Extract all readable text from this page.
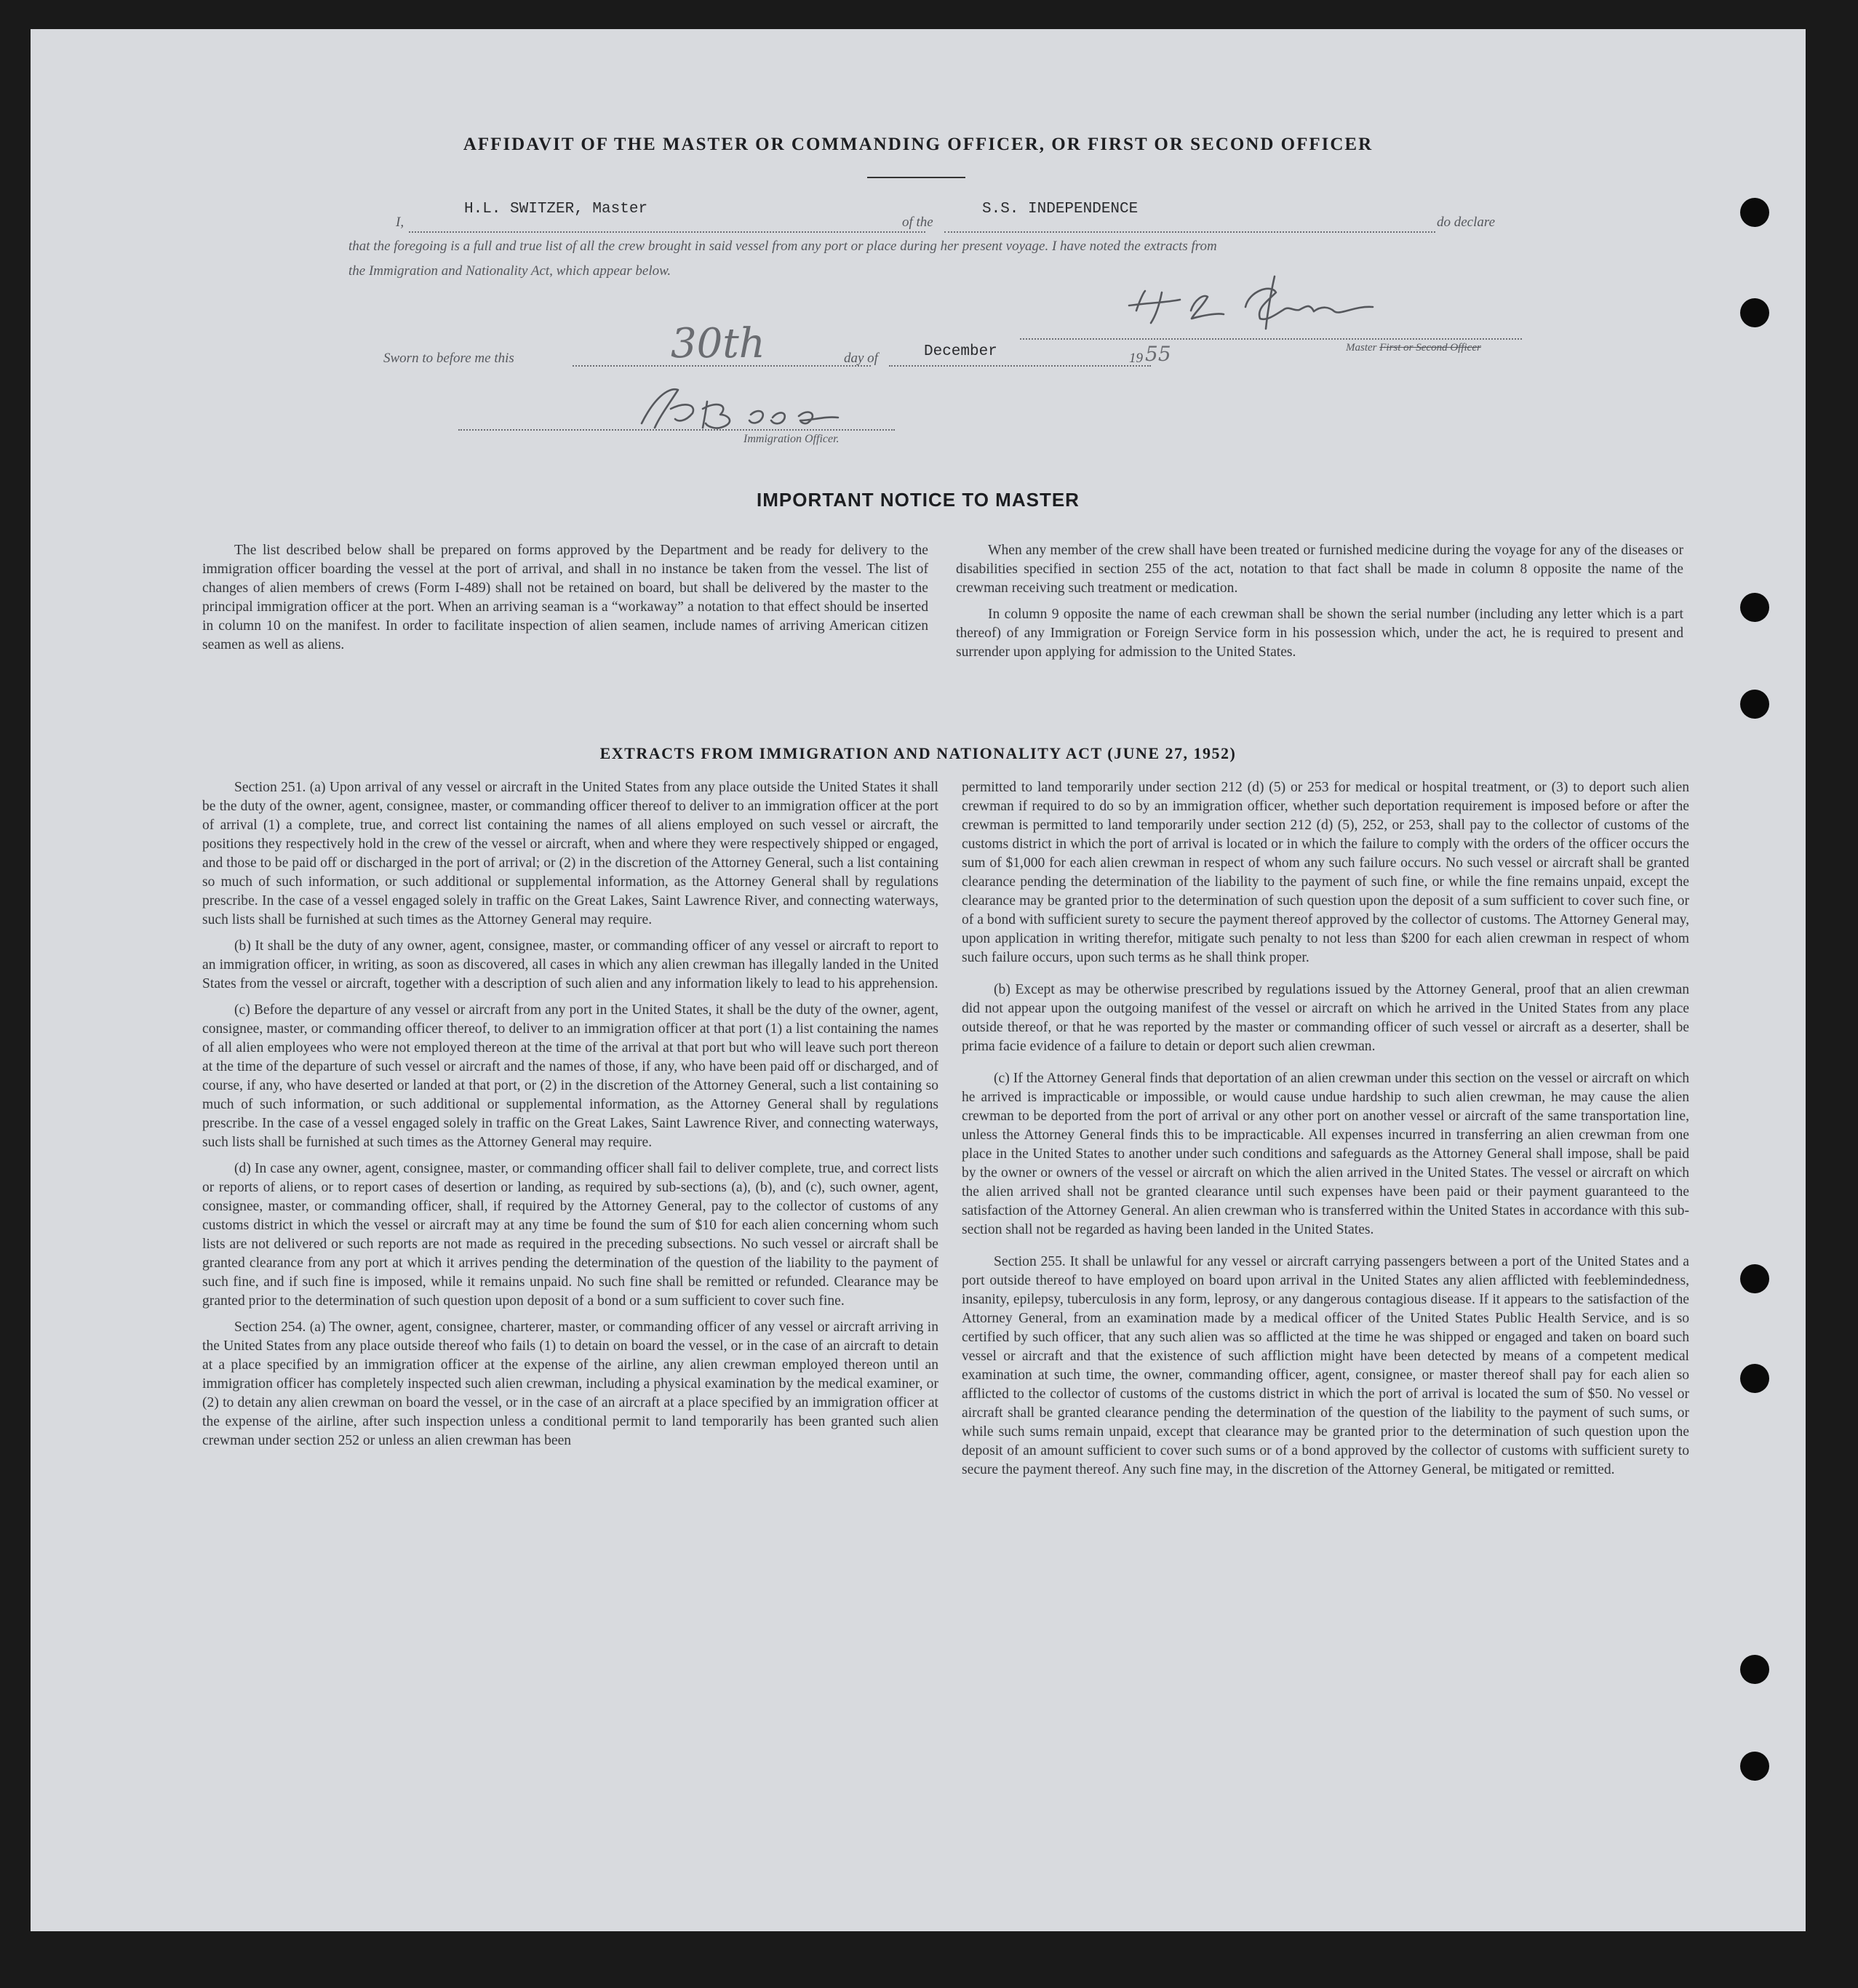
AFFIDAVIT OF THE MASTER OR COMMANDING OFFICER, OR FIRST OR SECOND OFFICER
I,
H.L. SWITZER, Master
of the
S.S. INDEPENDENCE
do declare
that the foregoing is a full and true list of all the crew brought in said vessel from any port or place during her present voyage. I have noted the extracts from
the Immigration and Nationality Act, which appear below.
Master First or Second Officer
Sworn to before me this	30th	day of	December	19 55
Immigration Officer.
IMPORTANT NOTICE TO MASTER

The list described below shall be prepared on forms approved by the Department and be ready for delivery to the immigration officer boarding the vessel at the port of arrival, and shall in no instance be taken from the vessel. The list of changes of alien members of crews (Form I-489) shall not be retained on board, but shall be delivered by the master to the principal immigration officer at the port. When an arriving seaman is a “workaway” a notation to that effect should be inserted in column 10 on the manifest. In order to facilitate inspection of alien seamen, include names of arriving American citizen seamen as well as aliens.

When any member of the crew shall have been treated or furnished medicine during the voyage for any of the diseases or disabilities specified in section 255 of the act, notation to that fact shall be made in column 8 opposite the name of the crewman receiving such treatment or medication.

In column 9 opposite the name of each crewman shall be shown the serial number (including any letter which is a part thereof) of any Immigration or Foreign Service form in his possession which, under the act, he is required to present and surrender upon applying for admission to the United States.

EXTRACTS FROM IMMIGRATION AND NATIONALITY ACT (JUNE 27, 1952)

Section 251. (a) Upon arrival of any vessel or aircraft in the United States from any place outside the United States it shall be the duty of the owner, agent, consignee, master, or commanding officer thereof to deliver to an immigration officer at the port of arrival (1) a complete, true, and correct list containing the names of all aliens employed on such vessel or aircraft, the positions they respectively hold in the crew of the vessel or aircraft, when and where they were respectively shipped or engaged, and those to be paid off or discharged in the port of arrival; or (2) in the discretion of the Attorney General, such a list containing so much of such information, or such additional or supplemental information, as the Attorney General shall by regulations prescribe. In the case of a vessel engaged solely in traffic on the Great Lakes, Saint Lawrence River, and connecting waterways, such lists shall be furnished at such times as the Attorney General may require.

(b) It shall be the duty of any owner, agent, consignee, master, or commanding officer of any vessel or aircraft to report to an immigration officer, in writing, as soon as discovered, all cases in which any alien crewman has illegally landed in the United States from the vessel or aircraft, together with a description of such alien and any information likely to lead to his apprehension.

(c) Before the departure of any vessel or aircraft from any port in the United States, it shall be the duty of the owner, agent, consignee, master, or commanding officer thereof, to deliver to an immigration officer at that port (1) a list containing the names of all alien employees who were not employed thereon at the time of the arrival at that port but who will leave such port thereon at the time of the departure of such vessel or aircraft and the names of those, if any, who have been paid off or discharged, and of course, if any, who have deserted or landed at that port, or (2) in the discretion of the Attorney General, such a list containing so much of such information, or such additional or supplemental information, as the Attorney General shall by regulations prescribe. In the case of a vessel engaged solely in traffic on the Great Lakes, Saint Lawrence River, and connecting waterways, such lists shall be furnished at such times as the Attorney General may require.

(d) In case any owner, agent, consignee, master, or commanding officer shall fail to deliver complete, true, and correct lists or reports of aliens, or to report cases of desertion or landing, as required by sub-sections (a), (b), and (c), such owner, agent, consignee, master, or commanding officer, shall, if required by the Attorney General, pay to the collector of customs of any customs district in which the vessel or aircraft may at any time be found the sum of $10 for each alien concerning whom such lists are not delivered or such reports are not made as required in the preceding subsections. No such vessel or aircraft shall be granted clearance from any port at which it arrives pending the determination of the question of the liability to the payment of such fine, and if such fine is imposed, while it remains unpaid. No such fine shall be remitted or refunded. Clearance may be granted prior to the determination of such question upon deposit of a bond or a sum sufficient to cover such fine.

Section 254. (a) The owner, agent, consignee, charterer, master, or commanding officer of any vessel or aircraft arriving in the United States from any place outside thereof who fails (1) to detain on board the vessel, or in the case of an aircraft to detain at a place specified by an immigration officer at the expense of the airline, any alien crewman employed thereon until an immigration officer has completely inspected such alien crewman, including a physical examination by the medical examiner, or (2) to detain any alien crewman on board the vessel, or in the case of an aircraft at a place specified by an immigration officer at the expense of the airline, after such inspection unless a conditional permit to land temporarily has been granted such alien crewman under section 252 or unless an alien crewman has been

permitted to land temporarily under section 212 (d) (5) or 253 for medical or hospital treatment, or (3) to deport such alien crewman if required to do so by an immigration officer, whether such deportation requirement is imposed before or after the crewman is permitted to land temporarily under section 212 (d) (5), 252, or 253, shall pay to the collector of customs of the customs district in which the port of arrival is located or in which the failure to comply with the orders of the officer occurs the sum of $1,000 for each alien crewman in respect of whom any such failure occurs. No such vessel or aircraft shall be granted clearance pending the determination of the liability to the payment of such fine, or while the fine remains unpaid, except the clearance may be granted prior to the determination of such question upon the deposit of a sum sufficient to cover such fine, or of a bond with sufficient surety to secure the payment thereof approved by the collector of customs. The Attorney General may, upon application in writing therefor, mitigate such penalty to not less than $200 for each alien crewman in respect of whom such failure occurs, upon such terms as he shall think proper.

(b) Except as may be otherwise prescribed by regulations issued by the Attorney General, proof that an alien crewman did not appear upon the outgoing manifest of the vessel or aircraft on which he arrived in the United States from any place outside thereof, or that he was reported by the master or commanding officer of such vessel or aircraft as a deserter, shall be prima facie evidence of a failure to detain or deport such alien crewman.

(c) If the Attorney General finds that deportation of an alien crewman under this section on the vessel or aircraft on which he arrived is impracticable or impossible, or would cause undue hardship to such alien crewman, he may cause the alien crewman to be deported from the port of arrival or any other port on another vessel or aircraft of the same transportation line, unless the Attorney General finds this to be impracticable. All expenses incurred in transferring an alien crewman from one place in the United States to another under such conditions and safeguards as the Attorney General shall impose, shall be paid by the owner or owners of the vessel or aircraft on which the alien arrived in the United States. The vessel or aircraft on which the alien arrived shall not be granted clearance until such expenses have been paid or their payment guaranteed to the satisfaction of the Attorney General. An alien crewman who is transferred within the United States in accordance with this sub-section shall not be regarded as having been landed in the United States.

Section 255. It shall be unlawful for any vessel or aircraft carrying passengers between a port of the United States and a port outside thereof to have employed on board upon arrival in the United States any alien afflicted with feeblemindedness, insanity, epilepsy, tuberculosis in any form, leprosy, or any dangerous contagious disease. If it appears to the satisfaction of the Attorney General, from an examination made by a medical officer of the United States Public Health Service, and is so certified by such officer, that any such alien was so afflicted at the time he was shipped or engaged and taken on board such vessel or aircraft and that the existence of such affliction might have been detected by means of a competent medical examination at such time, the owner, commanding officer, agent, consignee, or master thereof shall pay for each alien so afflicted to the collector of customs of the customs district in which the port of arrival is located the sum of $50. No vessel or aircraft shall be granted clearance pending the determination of the question of the liability to the payment of such sums, or while such sums remain unpaid, except that clearance may be granted prior to the determination of such question upon the deposit of an amount sufficient to cover such sums or of a bond approved by the collector of customs with sufficient surety to secure the payment thereof. Any such fine may, in the discretion of the Attorney General, be mitigated or remitted.
